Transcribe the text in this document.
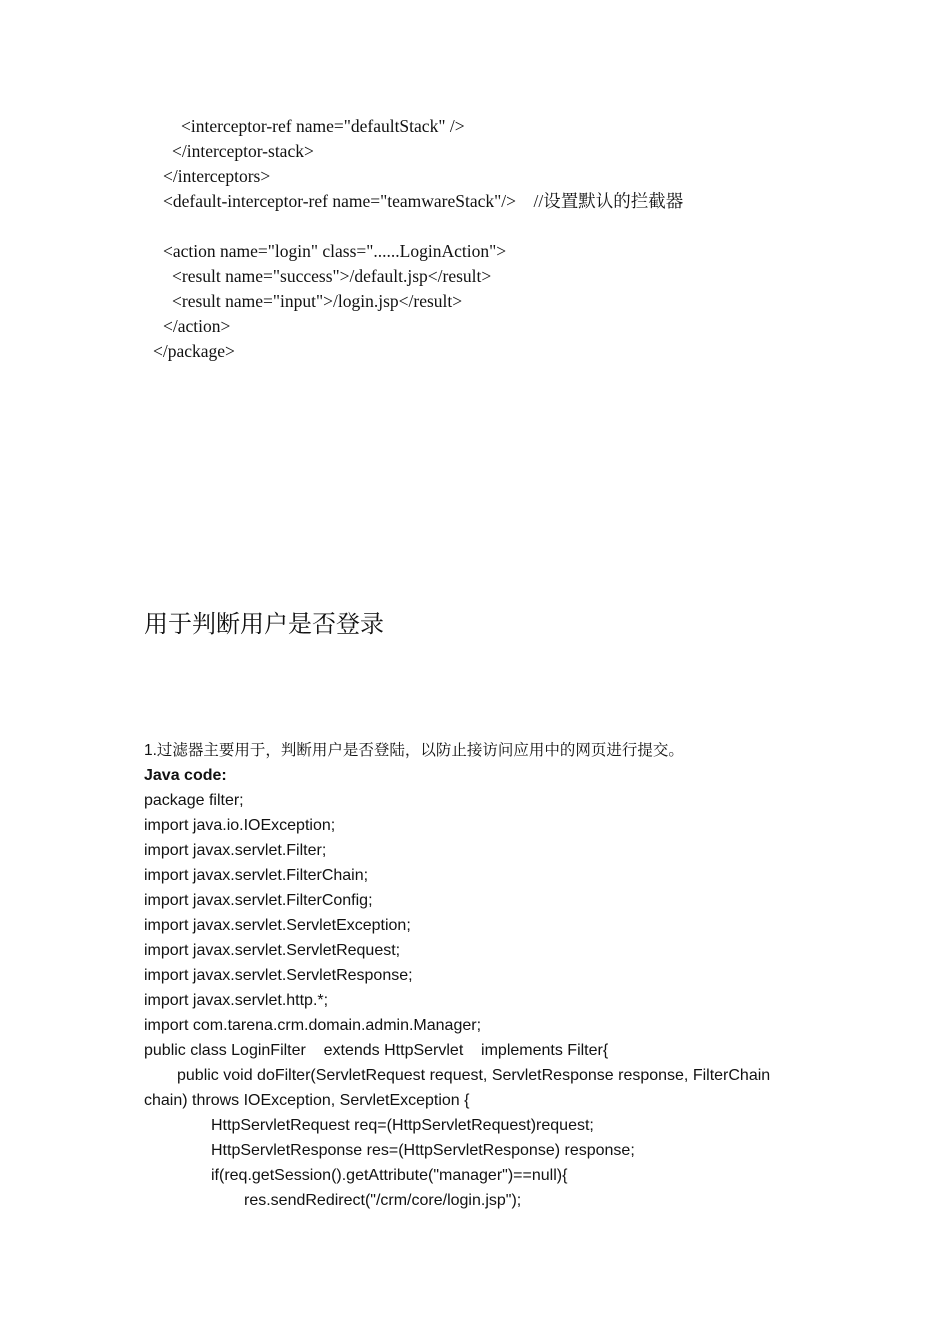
<interceptor-ref name="defaultStack" />
</interceptor-stack>
</interceptors>
<default-interceptor-ref name="teamwareStack"/>    //设置默认的拦截器
<action name="login" class="......LoginAction">
<result name="success">/default.jsp</result>
<result name="input">/login.jsp</result>
</action>
</package>
用于判断用户是否登录
1.过滤器主要用于，判断用户是否登陆，以防止接访问应用中的网页进行提交。
Java code:
package filter;
import java.io.IOException;
import javax.servlet.Filter;
import javax.servlet.FilterChain;
import javax.servlet.FilterConfig;
import javax.servlet.ServletException;
import javax.servlet.ServletRequest;
import javax.servlet.ServletResponse;
import javax.servlet.http.*;
import com.tarena.crm.domain.admin.Manager;
public class LoginFilter    extends HttpServlet    implements Filter{
public void doFilter(ServletRequest request, ServletResponse response, FilterChain
chain) throws IOException, ServletException {
HttpServletRequest req=(HttpServletRequest)request;
HttpServletResponse res=(HttpServletResponse) response;
if(req.getSession().getAttribute("manager")==null){
res.sendRedirect("/crm/core/login.jsp");
